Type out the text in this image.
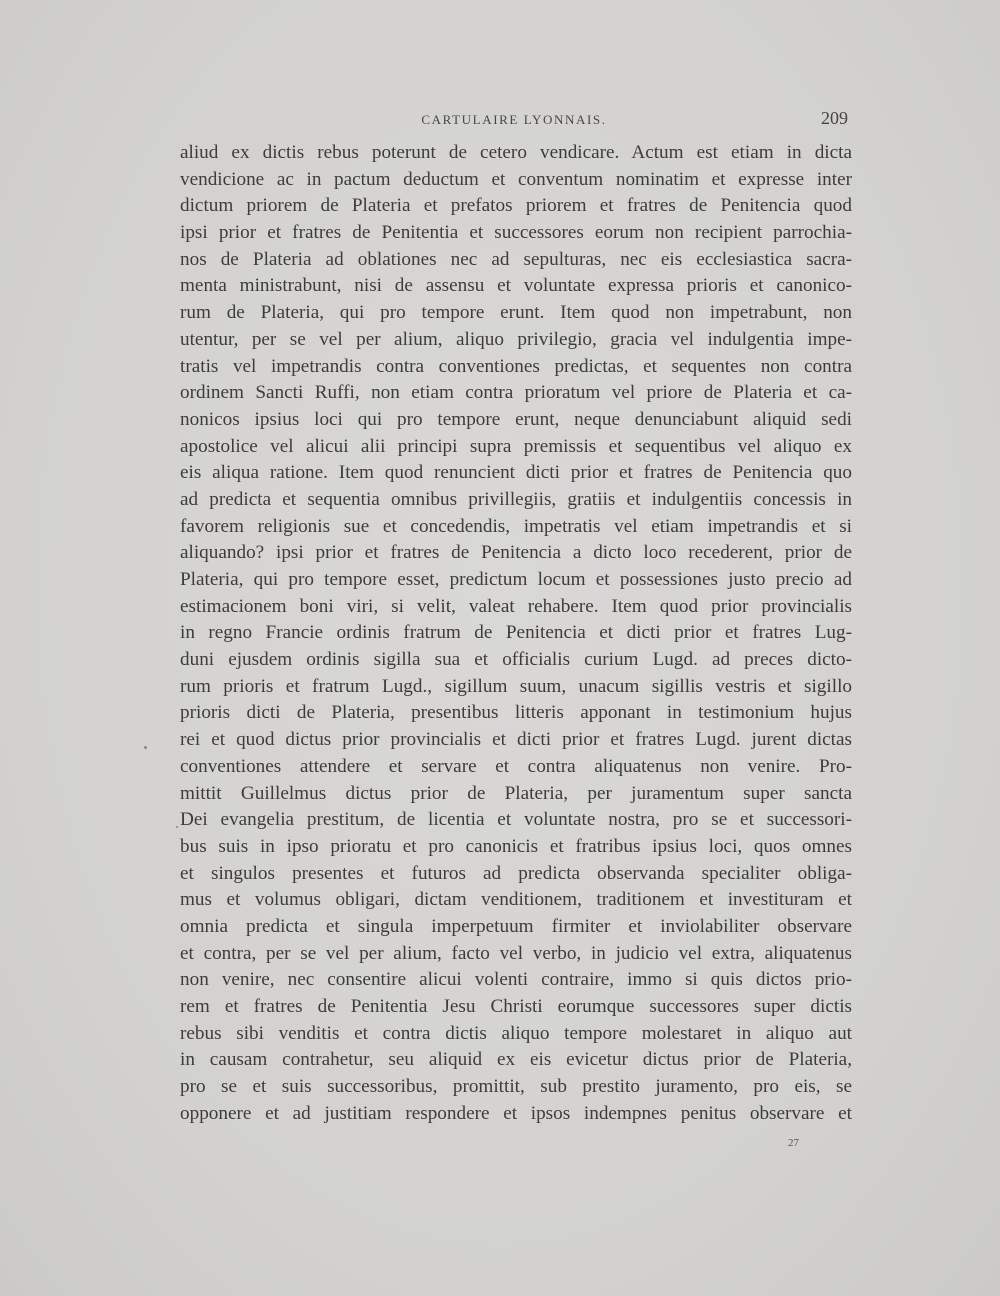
CARTULAIRE LYONNAIS.	209
aliud ex dictis rebus poterunt de cetero vendicare. Actum est etiam in dicta
vendicione ac in pactum deductum et conventum nominatim et expresse inter
dictum priorem de Plateria et prefatos priorem et fratres de Penitencia quod
ipsi prior et fratres de Penitentia et successores eorum non recipient parrochia-
nos de Plateria ad oblationes nec ad sepulturas, nec eis ecclesiastica sacra-
menta ministrabunt, nisi de assensu et voluntate expressa prioris et canonico-
rum de Plateria, qui pro tempore erunt. Item quod non impetrabunt, non
utentur, per se vel per alium, aliquo privilegio, gracia vel indulgentia impe-
tratis vel impetrandis contra conventiones predictas, et sequentes non contra
ordinem Sancti Ruffi, non etiam contra prioratum vel priore de Plateria et ca-
nonicos ipsius loci qui pro tempore erunt, neque denunciabunt aliquid sedi
apostolice vel alicui alii principi supra premissis et sequentibus vel aliquo ex
eis aliqua ratione. Item quod renuncient dicti prior et fratres de Penitencia quo
ad predicta et sequentia omnibus privillegiis, gratiis et indulgentiis concessis in
favorem religionis sue et concedendis, impetratis vel etiam impetrandis et si
aliquando? ipsi prior et fratres de Penitencia a dicto loco recederent, prior de
Plateria, qui pro tempore esset, predictum locum et possessiones justo precio ad
estimacionem boni viri, si velit, valeat rehabere. Item quod prior provincialis
in regno Francie ordinis fratrum de Penitencia et dicti prior et fratres Lug-
duni ejusdem ordinis sigilla sua et officialis curium Lugd. ad preces dicto-
rum prioris et fratrum Lugd., sigillum suum, unacum sigillis vestris et sigillo
prioris dicti de Plateria, presentibus litteris apponant in testimonium hujus
rei et quod dictus prior provincialis et dicti prior et fratres Lugd. jurent dictas
conventiones attendere et servare et contra aliquatenus non venire. Pro-
mittit Guillelmus dictus prior de Plateria, per juramentum super sancta
Dei evangelia prestitum, de licentia et voluntate nostra, pro se et successori-
bus suis in ipso prioratu et pro canonicis et fratribus ipsius loci, quos omnes
et singulos presentes et futuros ad predicta observanda specialiter obliga-
mus et volumus obligari, dictam venditionem, traditionem et investituram et
omnia predicta et singula imperpetuum firmiter et inviolabiliter observare
et contra, per se vel per alium, facto vel verbo, in judicio vel extra, aliquatenus
non venire, nec consentire alicui volenti contraire, immo si quis dictos prio-
rem et fratres de Penitentia Jesu Christi eorumque successores super dictis
rebus sibi venditis et contra dictis aliquo tempore molestaret in aliquo aut
in causam contrahetur, seu aliquid ex eis evicetur dictus prior de Plateria,
pro se et suis successoribus, promittit, sub prestito juramento, pro eis, se
opponere et ad justitiam respondere et ipsos indempnes penitus observare et
27
